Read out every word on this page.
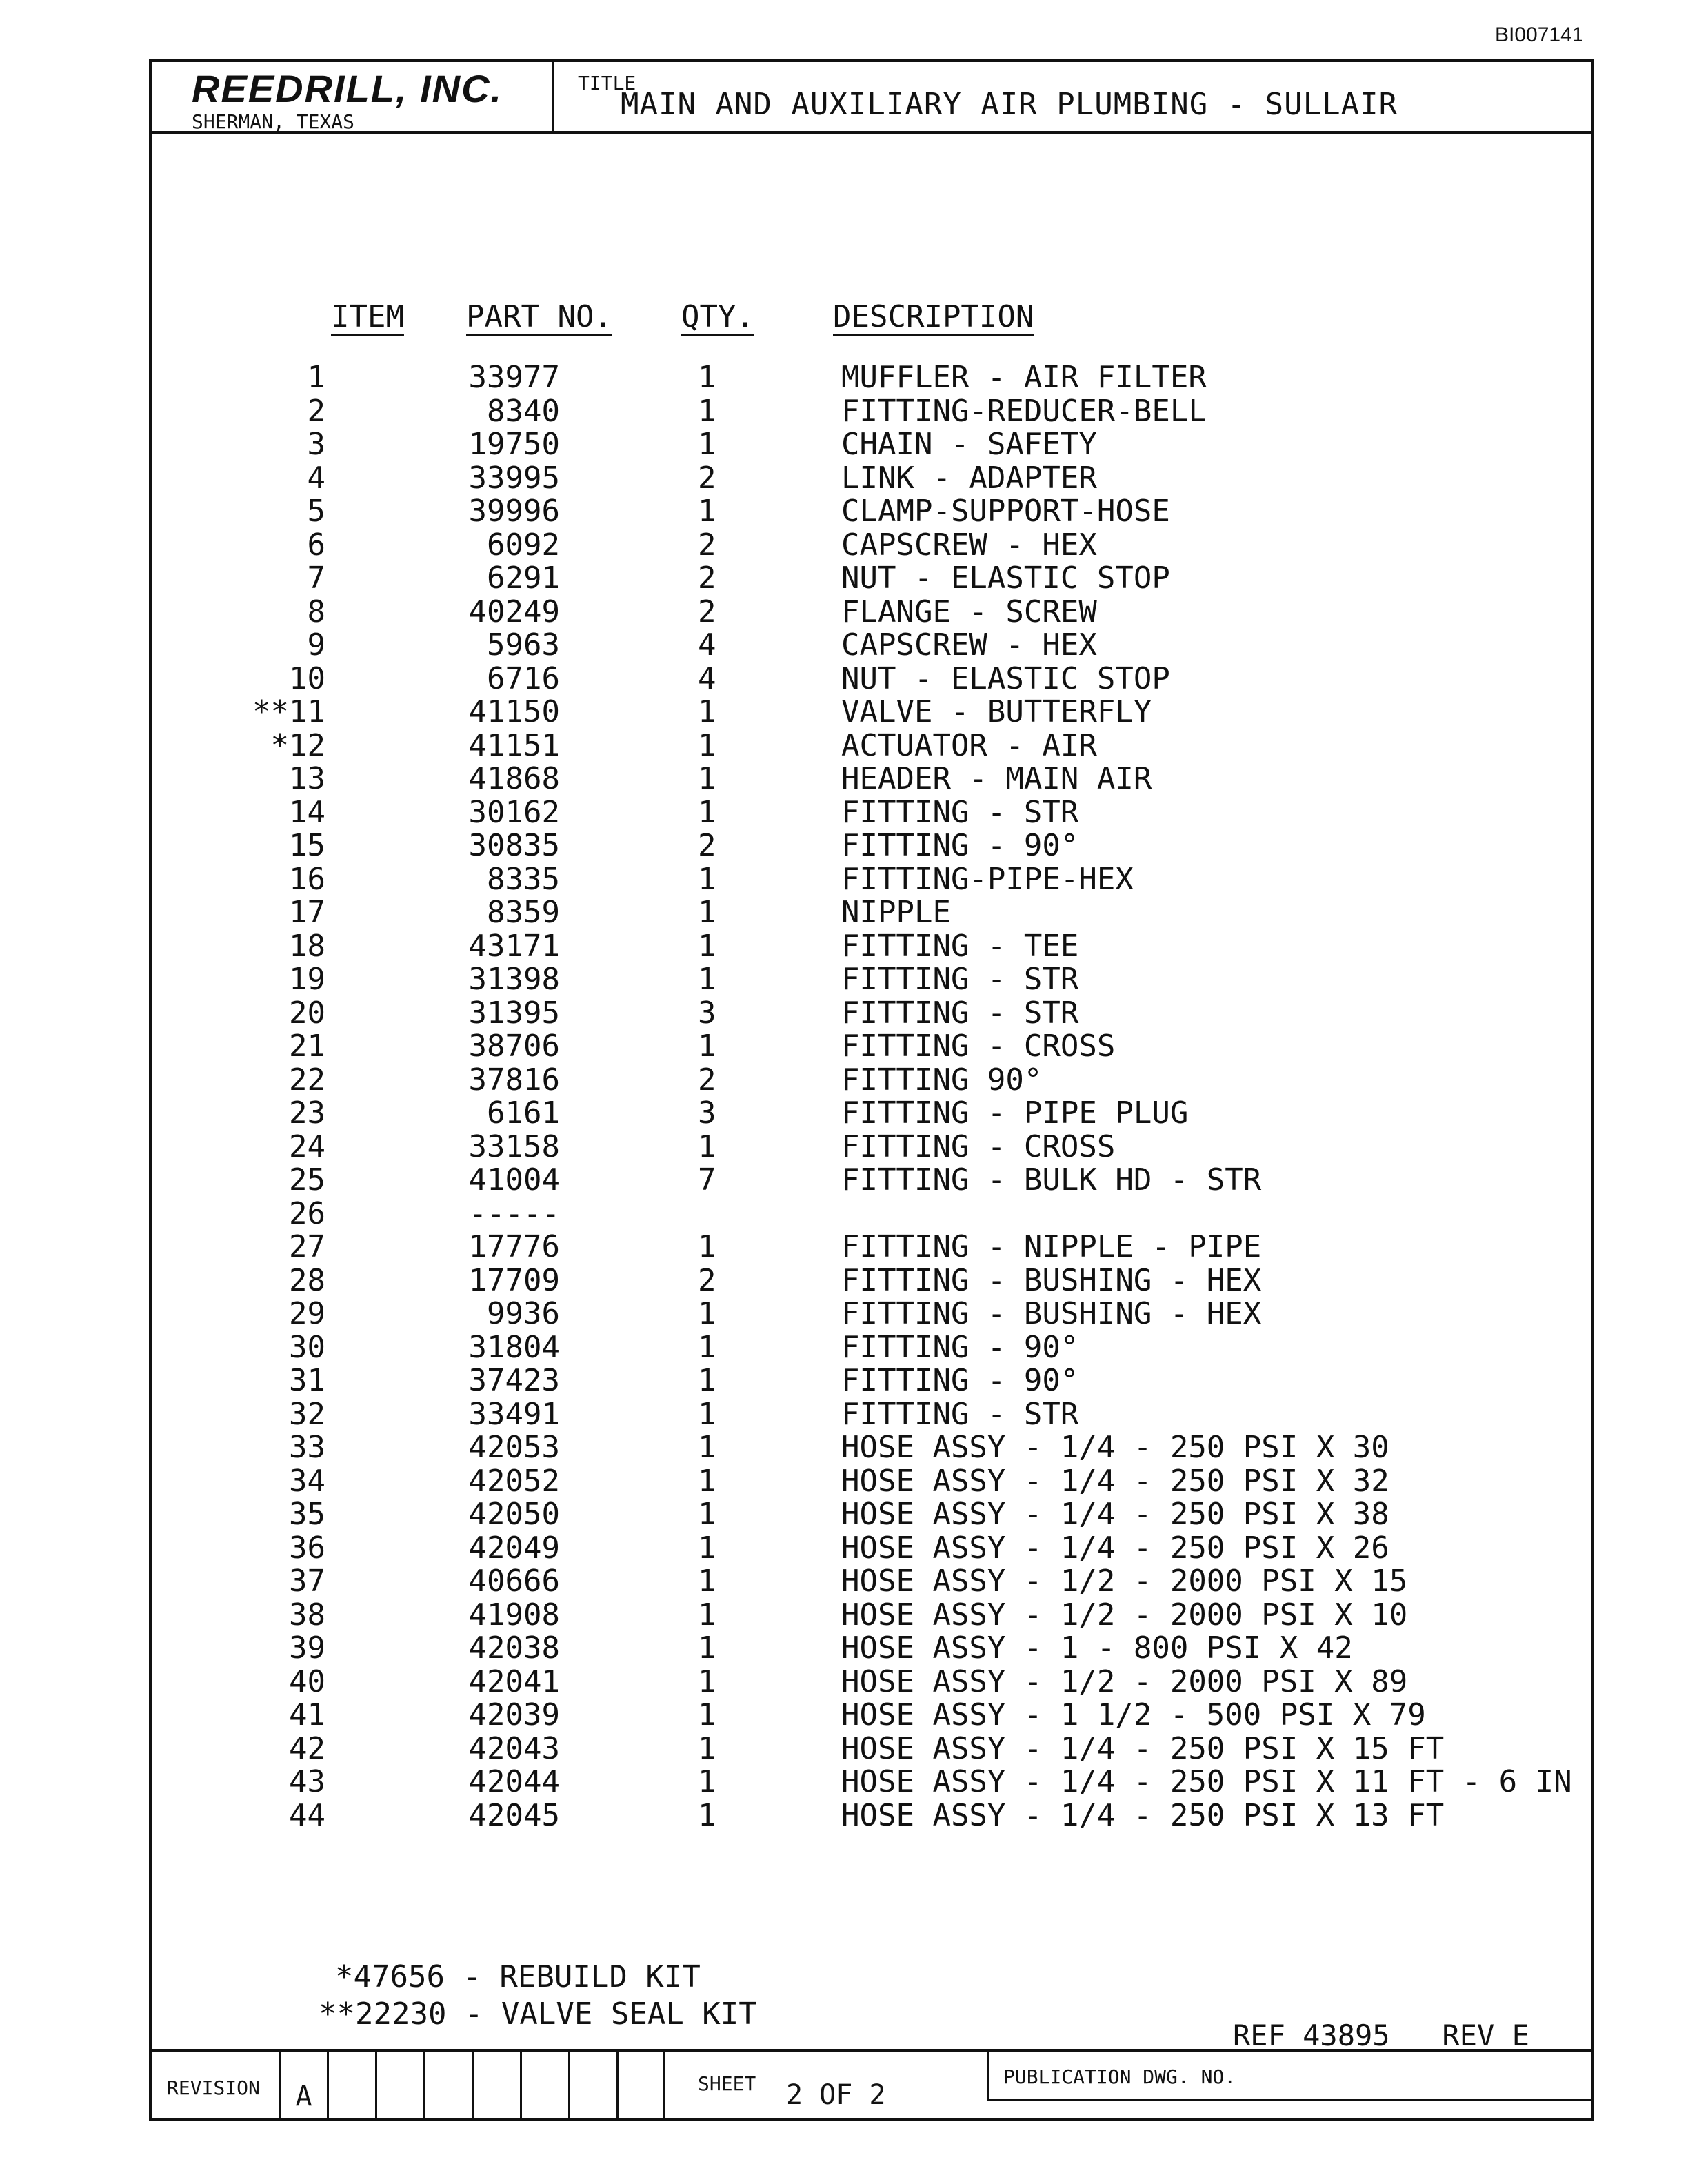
BI007141
REEDRILL, INC.
SHERMAN, TEXAS
TITLE
MAIN AND AUXILIARY AIR PLUMBING - SULLAIR
ITEM PART NO. QTY.	DESCRIPTION
1	33977	1	MUFFLER - AIR FILTER
2	8340	1	FITTING-REDUCER-BELL
3	19750	1	CHAIN - SAFETY
4	33995	2	LINK - ADAPTER
5	39996	1	CLAMP-SUPPORT-HOSE
6	6092	2	CAPSCREW - HEX
7	6291	2	NUT - ELASTIC STOP
8	40249	2	FLANGE - SCREW
9	5963	4	CAPSCREW - HEX
10	6716	4	NUT - ELASTIC STOP
**11	41150	1	VALVE - BUTTERFLY
*12	41151	1	ACTUATOR - AIR
13	41868	1	HEADER - MAIN AIR
14	30162	1	FITTING - STR
15	30835	2	FITTING - 90°
16	8335	1	FITTING-PIPE-HEX
17	8359	1	NIPPLE
18	43171	1	FITTING - TEE
19	31398	1	FITTING - STR
20	31395	3	FITTING - STR
21	38706	1	FITTING - CROSS
22	37816	2	FITTING 90°
23	6161	3	FITTING - PIPE PLUG
24	33158	1	FITTING - CROSS
25	41004	7	FITTING - BULK HD - STR
26	-----
27	17776	1	FITTING - NIPPLE - PIPE
28	17709	2	FITTING - BUSHING - HEX
29	9936	1	FITTING - BUSHING - HEX
30	31804	1	FITTING - 90°
31	37423	1	FITTING - 90°
32	33491	1	FITTING - STR
33	42053	1	HOSE ASSY - 1/4 - 250 PSI X 30
34	42052	1	HOSE ASSY - 1/4 - 250 PSI X 32
35	42050	1	HOSE ASSY - 1/4 - 250 PSI X 38
36	42049	1	HOSE ASSY - 1/4 - 250 PSI X 26
37	40666	1	HOSE ASSY - 1/2 - 2000 PSI X 15
38	41908	1	HOSE ASSY - 1/2 - 2000 PSI X 10
39	42038	1	HOSE ASSY - 1 - 800 PSI X 42
40	42041	1	HOSE ASSY - 1/2 - 2000 PSI X 89
41	42039	1	HOSE ASSY - 1 1/2 - 500 PSI X 79
42	42043	1	HOSE ASSY - 1/4 - 250 PSI X 15 FT
43	42044	1	HOSE ASSY - 1/4 - 250 PSI X 11 FT - 6 IN
44	42045	1	HOSE ASSY - 1/4 - 250 PSI X 13 FT
*47656 - REBUILD KIT
**22230 - VALVE SEAL KIT
REF 43895   REV E
REVISION	A	SHEET 2 OF 2
PUBLICATION DWG. NO.
